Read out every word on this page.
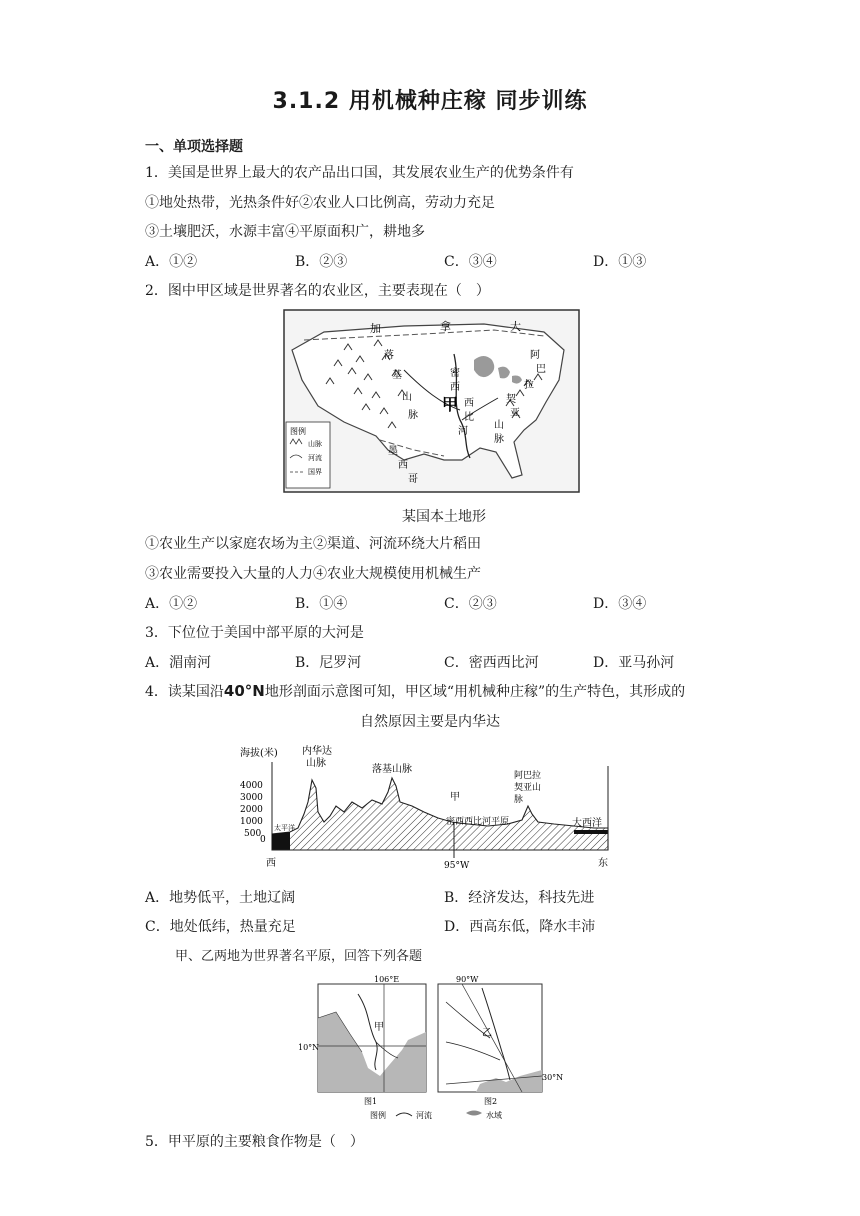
3.1.2 用机械种庄稼 同步训练
一、单项选择题
1．美国是世界上最大的农产品出口国，其发展农业生产的优势条件有
①地处热带，光热条件好②农业人口比例高，劳动力充足
③土壤肥沃，水源丰富④平原面积广，耕地多
A．①②	B．②③	C．③④	D．①③
2．图中甲区域是世界著名的农业区，主要表现在（　）
加	拿	大
落
基
山
脉
密
西
西
比
河
阿
巴
拉
契
亚
山
脉
墨
西
哥
甲
图例
山脉
河流
国界
某国本土地形
①农业生产以家庭农场为主②渠道、河流环绕大片稻田
③农业需要投入大量的人力④农业大规模使用机械生产
A．①②	B．①④	C．②③	D．③④
3．下位位于美国中部平原的大河是
A．湄南河	B．尼罗河	C．密西西比河	D．亚马孙河
4．读某国沿40°N地形剖面示意图可知，甲区域“用机械种庄稼”的生产特色，其形成的
自然原因主要是内华达
海拔(米)
4000
3000
2000
1000
500
0
内华达
山脉
落基山脉
甲
密西西比河平原
阿巴拉
契亚山
脉
太平洋	大西洋
西	东
95°W
A．地势低平，土地辽阔	B．经济发达，科技先进
C．地处低纬，热量充足	D．西高东低，降水丰沛
甲、乙两地为世界著名平原，回答下列各题
106°E
10°N
甲
图1
90°W
30°N
乙
图2
图例	河流	水域
5．甲平原的主要粮食作物是（　）
